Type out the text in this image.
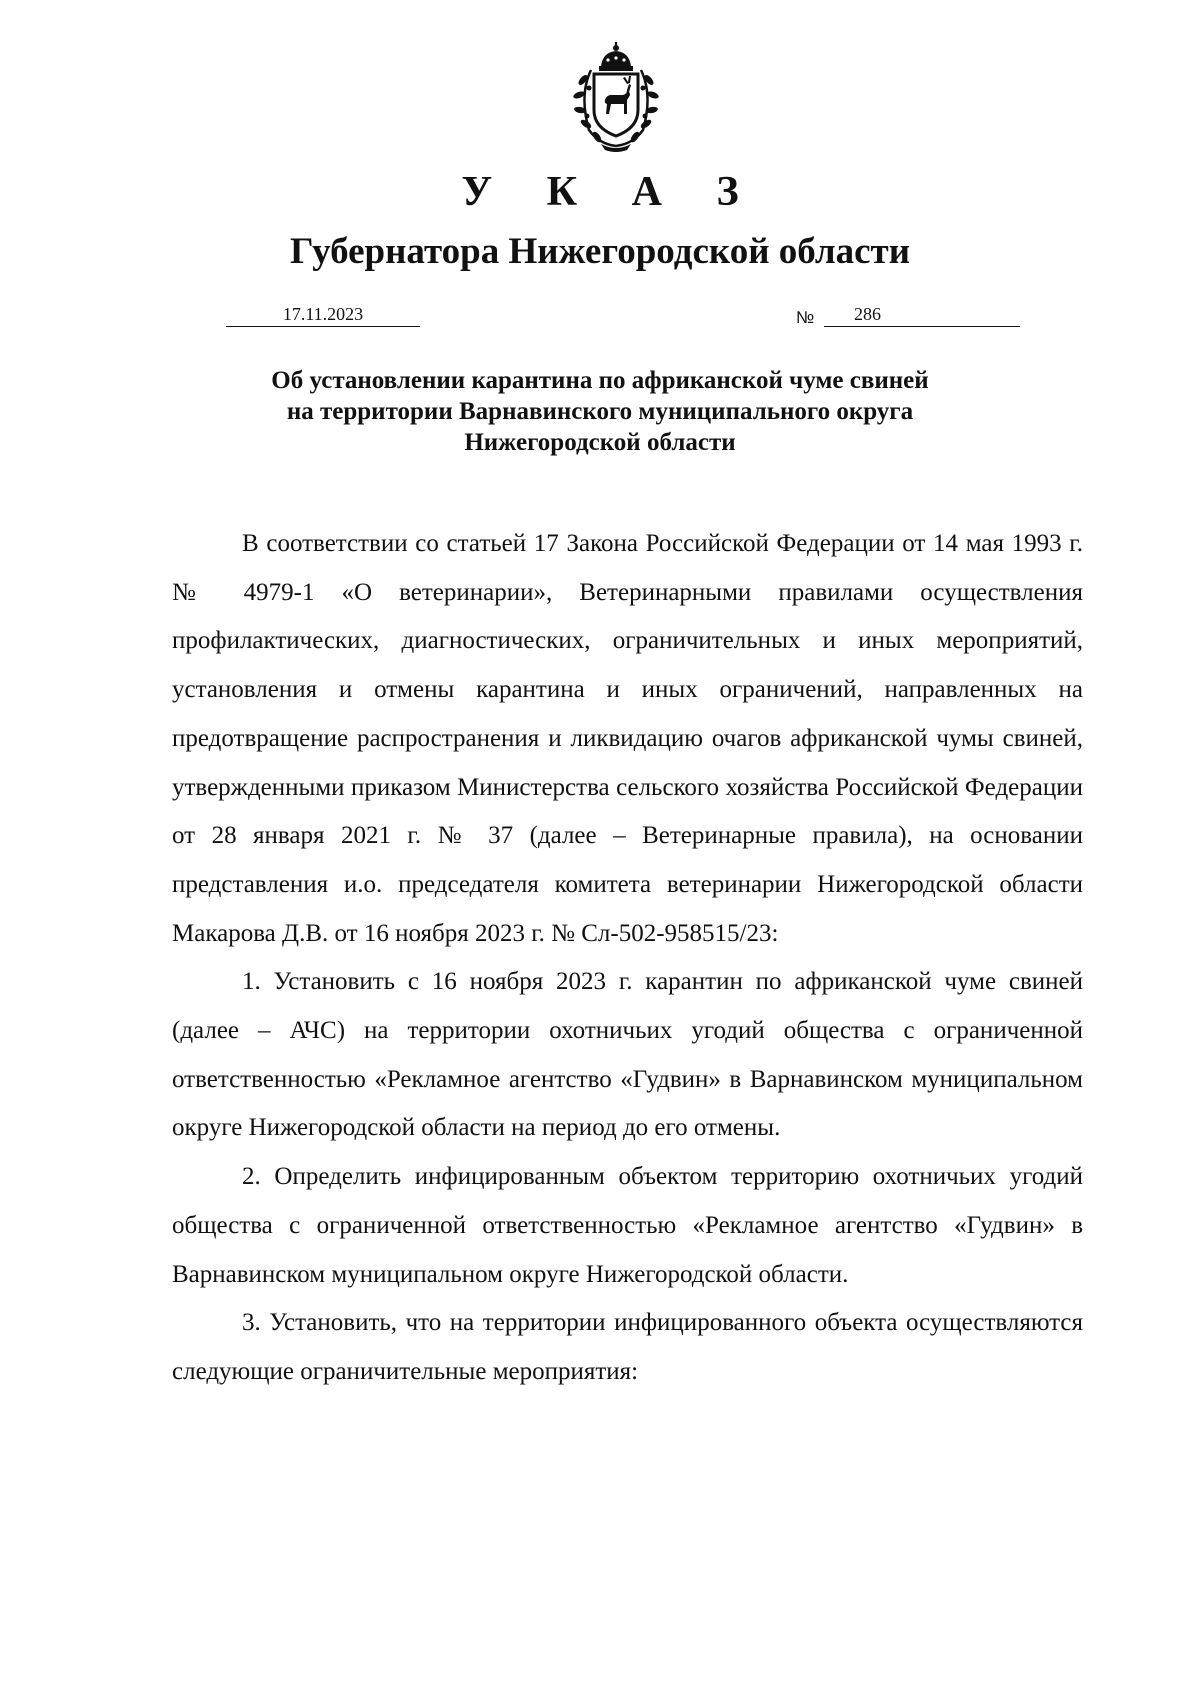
У К А З
Губернатора Нижегородской области
17.11.2023	№	286
Об установлении карантина по африканской чуме свиней
на территории Варнавинского муниципального округа
Нижегородской области

В соответствии со статьей 17 Закона Российской Федерации от 14 мая 1993 г. № 4979-1 «О ветеринарии», Ветеринарными правилами осуществления профилактических, диагностических, ограничительных и иных мероприятий, установления и отмены карантина и иных ограничений, направленных на предотвращение распространения и ликвидацию очагов африканской чумы свиней, утвержденными приказом Министерства сельского хозяйства Российской Федерации от 28 января 2021 г. № 37 (далее – Ветеринарные правила), на основании представления и.о. председателя комитета ветеринарии Нижегородской области Макарова Д.В. от 16 ноября 2023 г. № Сл-502-958515/23:

1. Установить с 16 ноября 2023 г. карантин по африканской чуме свиней (далее – АЧС) на территории охотничьих угодий общества с ограниченной ответственностью «Рекламное агентство «Гудвин» в Варнавинском муниципальном округе Нижегородской области на период до его отмены.

2. Определить инфицированным объектом территорию охотничьих угодий общества с ограниченной ответственностью «Рекламное агентство «Гудвин» в Варнавинском муниципальном округе Нижегородской области.

3. Установить, что на территории инфицированного объекта осуществляются следующие ограничительные мероприятия:
